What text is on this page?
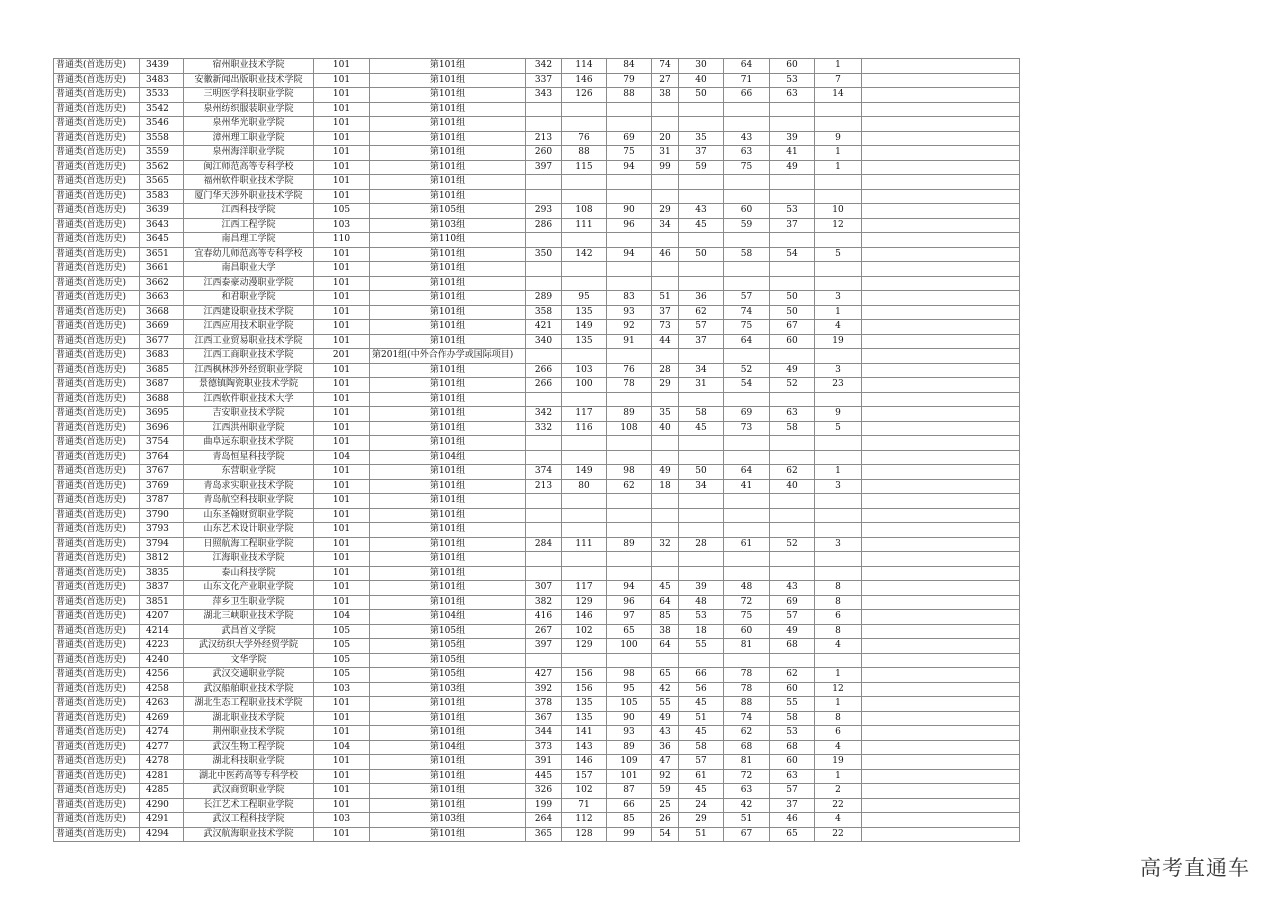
普通类(首选历史)	3439	宿州职业技术学院	101	第101组	342	114	84	74	30	64	60	1	
普通类(首选历史)	3483	安徽新闻出版职业技术学院	101	第101组	337	146	79	27	40	71	53	7	
普通类(首选历史)	3533	三明医学科技职业学院	101	第101组	343	126	88	38	50	66	63	14	
普通类(首选历史)	3542	泉州纺织服装职业学院	101	第101组									
普通类(首选历史)	3546	泉州华光职业学院	101	第101组									
普通类(首选历史)	3558	漳州理工职业学院	101	第101组	213	76	69	20	35	43	39	9	
普通类(首选历史)	3559	泉州海洋职业学院	101	第101组	260	88	75	31	37	63	41	1	
普通类(首选历史)	3562	闽江师范高等专科学校	101	第101组	397	115	94	99	59	75	49	1	
普通类(首选历史)	3565	福州软件职业技术学院	101	第101组									
普通类(首选历史)	3583	厦门华天涉外职业技术学院	101	第101组									
普通类(首选历史)	3639	江西科技学院	105	第105组	293	108	90	29	43	60	53	10	
普通类(首选历史)	3643	江西工程学院	103	第103组	286	111	96	34	45	59	37	12	
普通类(首选历史)	3645	南昌理工学院	110	第110组									
普通类(首选历史)	3651	宜春幼儿师范高等专科学校	101	第101组	350	142	94	46	50	58	54	5	
普通类(首选历史)	3661	南昌职业大学	101	第101组									
普通类(首选历史)	3662	江西泰豪动漫职业学院	101	第101组									
普通类(首选历史)	3663	和君职业学院	101	第101组	289	95	83	51	36	57	50	3	
普通类(首选历史)	3668	江西建设职业技术学院	101	第101组	358	135	93	37	62	74	50	1	
普通类(首选历史)	3669	江西应用技术职业学院	101	第101组	421	149	92	73	57	75	67	4	
普通类(首选历史)	3677	江西工业贸易职业技术学院	101	第101组	340	135	91	44	37	64	60	19	
普通类(首选历史)	3683	江西工商职业技术学院	201	第201组(中外合作办学或国际项目)									
普通类(首选历史)	3685	江西枫林涉外经贸职业学院	101	第101组	266	103	76	28	34	52	49	3	
普通类(首选历史)	3687	景德镇陶瓷职业技术学院	101	第101组	266	100	78	29	31	54	52	23	
普通类(首选历史)	3688	江西软件职业技术大学	101	第101组									
普通类(首选历史)	3695	吉安职业技术学院	101	第101组	342	117	89	35	58	69	63	9	
普通类(首选历史)	3696	江西洪州职业学院	101	第101组	332	116	108	40	45	73	58	5	
普通类(首选历史)	3754	曲阜远东职业技术学院	101	第101组									
普通类(首选历史)	3764	青岛恒星科技学院	104	第104组									
普通类(首选历史)	3767	东营职业学院	101	第101组	374	149	98	49	50	64	62	1	
普通类(首选历史)	3769	青岛求实职业技术学院	101	第101组	213	80	62	18	34	41	40	3	
普通类(首选历史)	3787	青岛航空科技职业学院	101	第101组									
普通类(首选历史)	3790	山东圣翰财贸职业学院	101	第101组									
普通类(首选历史)	3793	山东艺术设计职业学院	101	第101组									
普通类(首选历史)	3794	日照航海工程职业学院	101	第101组	284	111	89	32	28	61	52	3	
普通类(首选历史)	3812	江海职业技术学院	101	第101组									
普通类(首选历史)	3835	泰山科技学院	101	第101组									
普通类(首选历史)	3837	山东文化产业职业学院	101	第101组	307	117	94	45	39	48	43	8	
普通类(首选历史)	3851	萍乡卫生职业学院	101	第101组	382	129	96	64	48	72	69	8	
普通类(首选历史)	4207	湖北三峡职业技术学院	104	第104组	416	146	97	85	53	75	57	6	
普通类(首选历史)	4214	武昌首义学院	105	第105组	267	102	65	38	18	60	49	8	
普通类(首选历史)	4223	武汉纺织大学外经贸学院	105	第105组	397	129	100	64	55	81	68	4	
普通类(首选历史)	4240	文华学院	105	第105组									
普通类(首选历史)	4256	武汉交通职业学院	105	第105组	427	156	98	65	66	78	62	1	
普通类(首选历史)	4258	武汉船舶职业技术学院	103	第103组	392	156	95	42	56	78	60	12	
普通类(首选历史)	4263	湖北生态工程职业技术学院	101	第101组	378	135	105	55	45	88	55	1	
普通类(首选历史)	4269	湖北职业技术学院	101	第101组	367	135	90	49	51	74	58	8	
普通类(首选历史)	4274	荆州职业技术学院	101	第101组	344	141	93	43	45	62	53	6	
普通类(首选历史)	4277	武汉生物工程学院	104	第104组	373	143	89	36	58	68	68	4	
普通类(首选历史)	4278	湖北科技职业学院	101	第101组	391	146	109	47	57	81	60	19	
普通类(首选历史)	4281	湖北中医药高等专科学校	101	第101组	445	157	101	92	61	72	63	1	
普通类(首选历史)	4285	武汉商贸职业学院	101	第101组	326	102	87	59	45	63	57	2	
普通类(首选历史)	4290	长江艺术工程职业学院	101	第101组	199	71	66	25	24	42	37	22	
普通类(首选历史)	4291	武汉工程科技学院	103	第103组	264	112	85	26	29	51	46	4	
普通类(首选历史)	4294	武汉航海职业技术学院	101	第101组	365	128	99	54	51	67	65	22	
高考直通车
